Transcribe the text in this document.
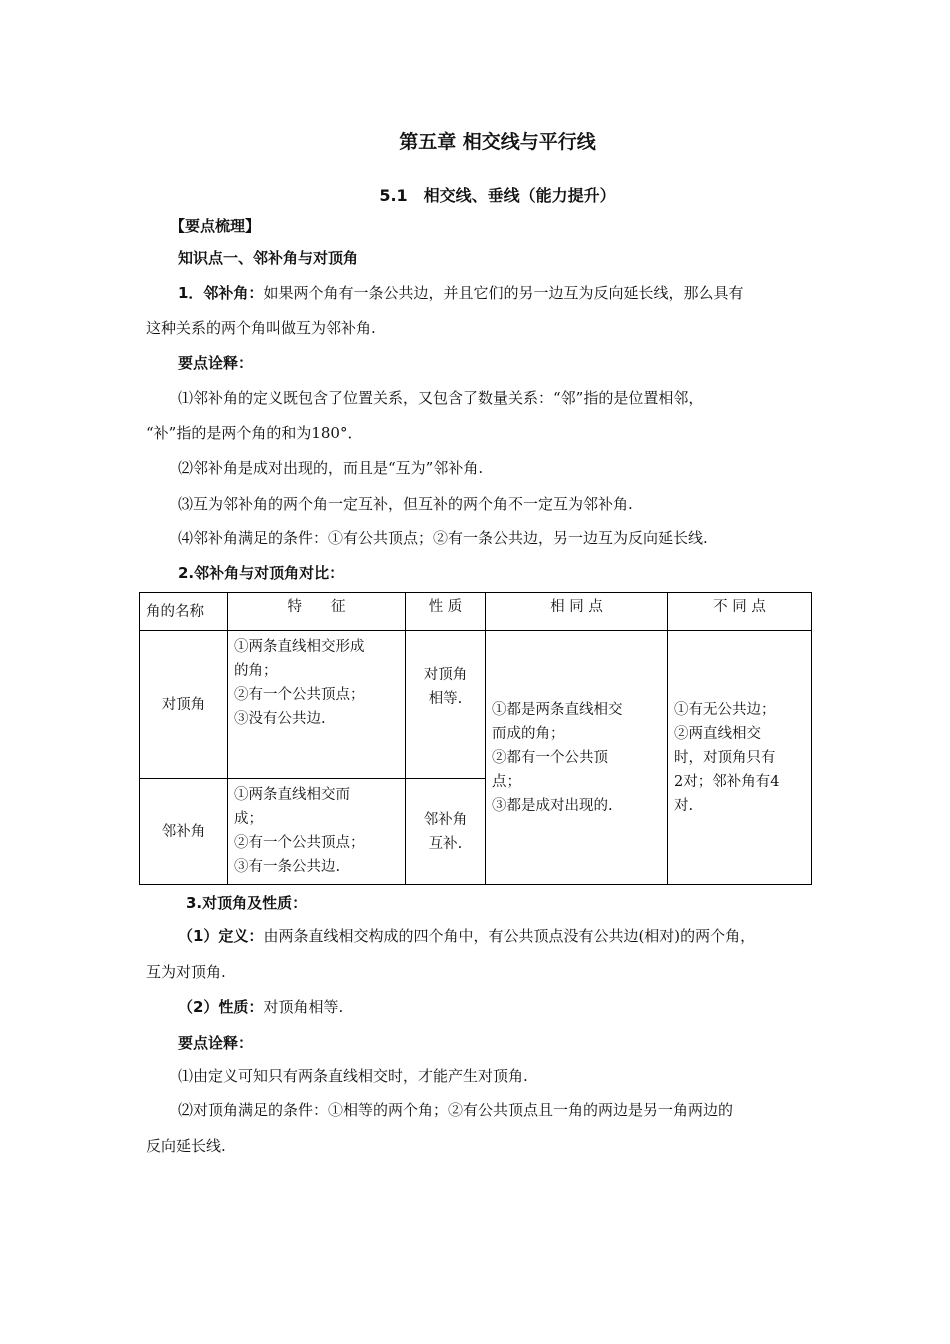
第五章 相交线与平行线
5.1　相交线、垂线（能力提升）
【要点梳理】
知识点一、邻补角与对顶角
1．邻补角：如果两个角有一条公共边，并且它们的另一边互为反向延长线，那么具有
这种关系的两个角叫做互为邻补角.
要点诠释：
⑴邻补角的定义既包含了位置关系，又包含了数量关系：“邻”指的是位置相邻，
“补”指的是两个角的和为180°．
⑵邻补角是成对出现的，而且是“互为”邻补角.
⑶互为邻补角的两个角一定互补，但互补的两个角不一定互为邻补角.
⑷邻补角满足的条件：①有公共顶点；②有一条公共边，另一边互为反向延长线.
2.邻补角与对顶角对比：
角的名称	特　　征	性 质	相 同 点	不 同 点
对顶角	①两条直线相交形成
的角；
②有一个公共顶点；
③没有公共边.	对顶角
相等.	①都是两条直线相交
而成的角；
②都有一个公共顶
点；
③都是成对出现的.	①有无公共边；
②两直线相交
时，对顶角只有
2对；邻补角有4
对.

邻补角	①两条直线相交而
成；
②有一个公共顶点；
③有一条公共边.	邻补角
互补.		
3.对顶角及性质：
（1）定义：由两条直线相交构成的四个角中，有公共顶点没有公共边(相对)的两个角，
互为对顶角.
（2）性质：对顶角相等.
要点诠释：
⑴由定义可知只有两条直线相交时，才能产生对顶角.
⑵对顶角满足的条件：①相等的两个角；②有公共顶点且一角的两边是另一角两边的
反向延长线.
